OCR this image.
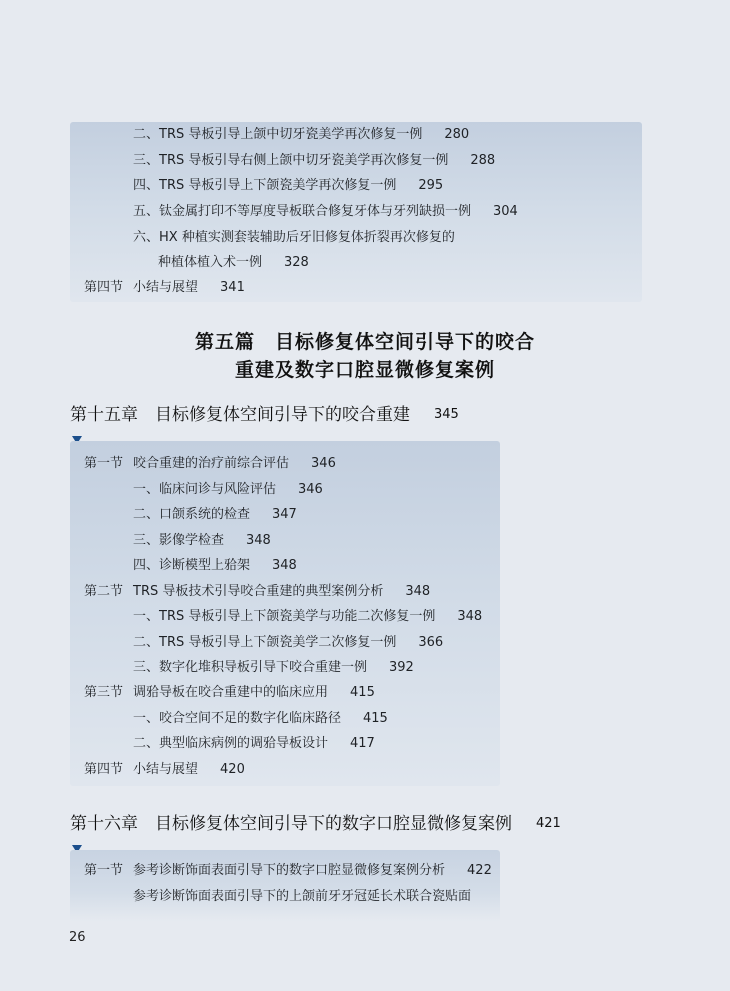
二、TRS 导板引导上颌中切牙瓷美学再次修复一例 280
三、TRS 导板引导右侧上颌中切牙瓷美学再次修复一例 288
四、TRS 导板引导上下颌瓷美学再次修复一例 295
五、钛金属打印不等厚度导板联合修复牙体与牙列缺损一例 304
六、HX 种植实测套装辅助后牙旧修复体折裂再次修复的
种植体植入术一例 328
第四节 小结与展望 341
第五篇　目标修复体空间引导下的咬合
重建及数字口腔显微修复案例
第十五章　目标修复体空间引导下的咬合重建 $^{345}$
第一节 咬合重建的治疗前综合评估 346
一、临床问诊与风险评估 346
二、口颌系统的检查 347
三、影像学检查 348
四、诊断模型上𬌗架 348
第二节 TRS 导板技术引导咬合重建的典型案例分析 348
一、TRS 导板引导上下颌瓷美学与功能二次修复一例 348
二、TRS 导板引导上下颌瓷美学二次修复一例 366
三、数字化堆积导板引导下咬合重建一例 392
第三节 调𬌗导板在咬合重建中的临床应用 415
一、咬合空间不足的数字化临床路径 415
二、典型临床病例的调𬌗导板设计 417
第四节 小结与展望 420
第十六章　目标修复体空间引导下的数字口腔显微修复案例 $^{421}$
第一节 参考诊断饰面表面引导下的数字口腔显微修复案例分析 422
参考诊断饰面表面引导下的上颌前牙牙冠延长术联合瓷贴面
26
